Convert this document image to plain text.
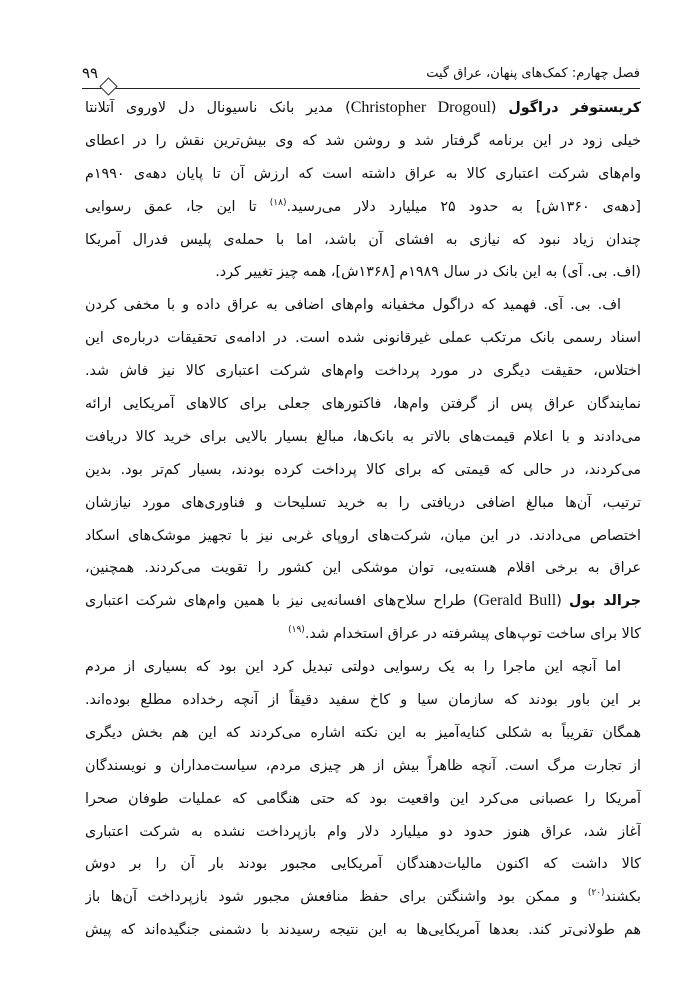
۹۹	فصل چهارم: کمک‌های پنهان، عراق گیت
کریستوفر دراگول (Christopher Drogoul) مدیر بانک ناسیونال دل لاوروی آتلانتا
خیلی زود در این برنامه گرفتار شد و روشن شد که وی بیش‌ترین نقش را در اعطای
وام‌های شرکت اعتباری کالا به عراق داشته است که ارزش آن تا پایان دهه‌ی ۱۹۹۰م
[دهه‌ی ۱۳۶۰ش] به حدود ۲۵ میلیارد دلار می‌رسید.$^{(۱۸)}$ تا این جا، عمق رسوایی
چندان زیاد نبود که نیازی به افشای آن باشد، اما با حمله‌ی پلیس فدرال آمریکا
(اف. بی. آی) به این بانک در سال ۱۹۸۹م [۱۳۶۸ش]، همه چیز تغییر کرد.
اف. بی. آی. فهمید که دراگول مخفیانه وام‌های اضافی به عراق داده و با مخفی کردن
اسناد رسمی بانک مرتکب عملی غیرقانونی شده است. در ادامه‌ی تحقیقات درباره‌ی این
اختلاس، حقیقت دیگری در مورد پرداخت وام‌های شرکت اعتباری کالا نیز فاش شد.
نمایندگان عراق پس از گرفتن وام‌ها، فاکتورهای جعلی برای کالاهای آمریکایی ارائه
می‌دادند و با اعلام قیمت‌های بالاتر به بانک‌ها، مبالغ بسیار بالایی برای خرید کالا دریافت
می‌کردند، در حالی که قیمتی که برای کالا پرداخت کرده بودند، بسیار کم‌تر بود. بدین
ترتیب، آن‌ها مبالغ اضافی دریافتی را به خرید تسلیحات و فناوری‌های مورد نیازشان
اختصاص می‌دادند. در این میان، شرکت‌های اروپای غربی نیز با تجهیز موشک‌های اسکاد
عراق به برخی اقلام هسته‌یی، توان موشکی این کشور را تقویت می‌کردند. همچنین،
جرالد بول (Gerald Bull) طراح سلاح‌های افسانه‌یی نیز با همین وام‌های شرکت اعتباری
کالا برای ساخت توپ‌های پیشرفته در عراق استخدام شد.$^{(۱۹)}$
اما آنچه این ماجرا را به یک رسوایی دولتی تبدیل کرد این بود که بسیاری از مردم
بر این باور بودند که سازمان سیا و کاخ سفید دقیقاً از آنچه رخداده مطلع بوده‌اند.
همگان تقریباً به شکلی کنایه‌آمیز به این نکته اشاره می‌کردند که این هم بخش دیگری
از تجارت مرگ است. آنچه ظاهراً بیش از هر چیزی مردم، سیاست‌مداران و نویسندگان
آمریکا را عصبانی می‌کرد این واقعیت بود که حتی هنگامی که عملیات طوفان صحرا
آغاز شد، عراق هنوز حدود دو میلیارد دلار وام بازپرداخت نشده به شرکت اعتباری
کالا داشت که اکنون مالیات‌دهندگان آمریکایی مجبور بودند بار آن را بر دوش
بکشند$^{(۲۰)}$ و ممکن بود واشنگتن برای حفظ منافعش مجبور شود بازپرداخت آن‌ها باز
هم طولانی‌تر کند. بعدها آمریکایی‌ها به این نتیجه رسیدند با دشمنی جنگیده‌اند که پیش
